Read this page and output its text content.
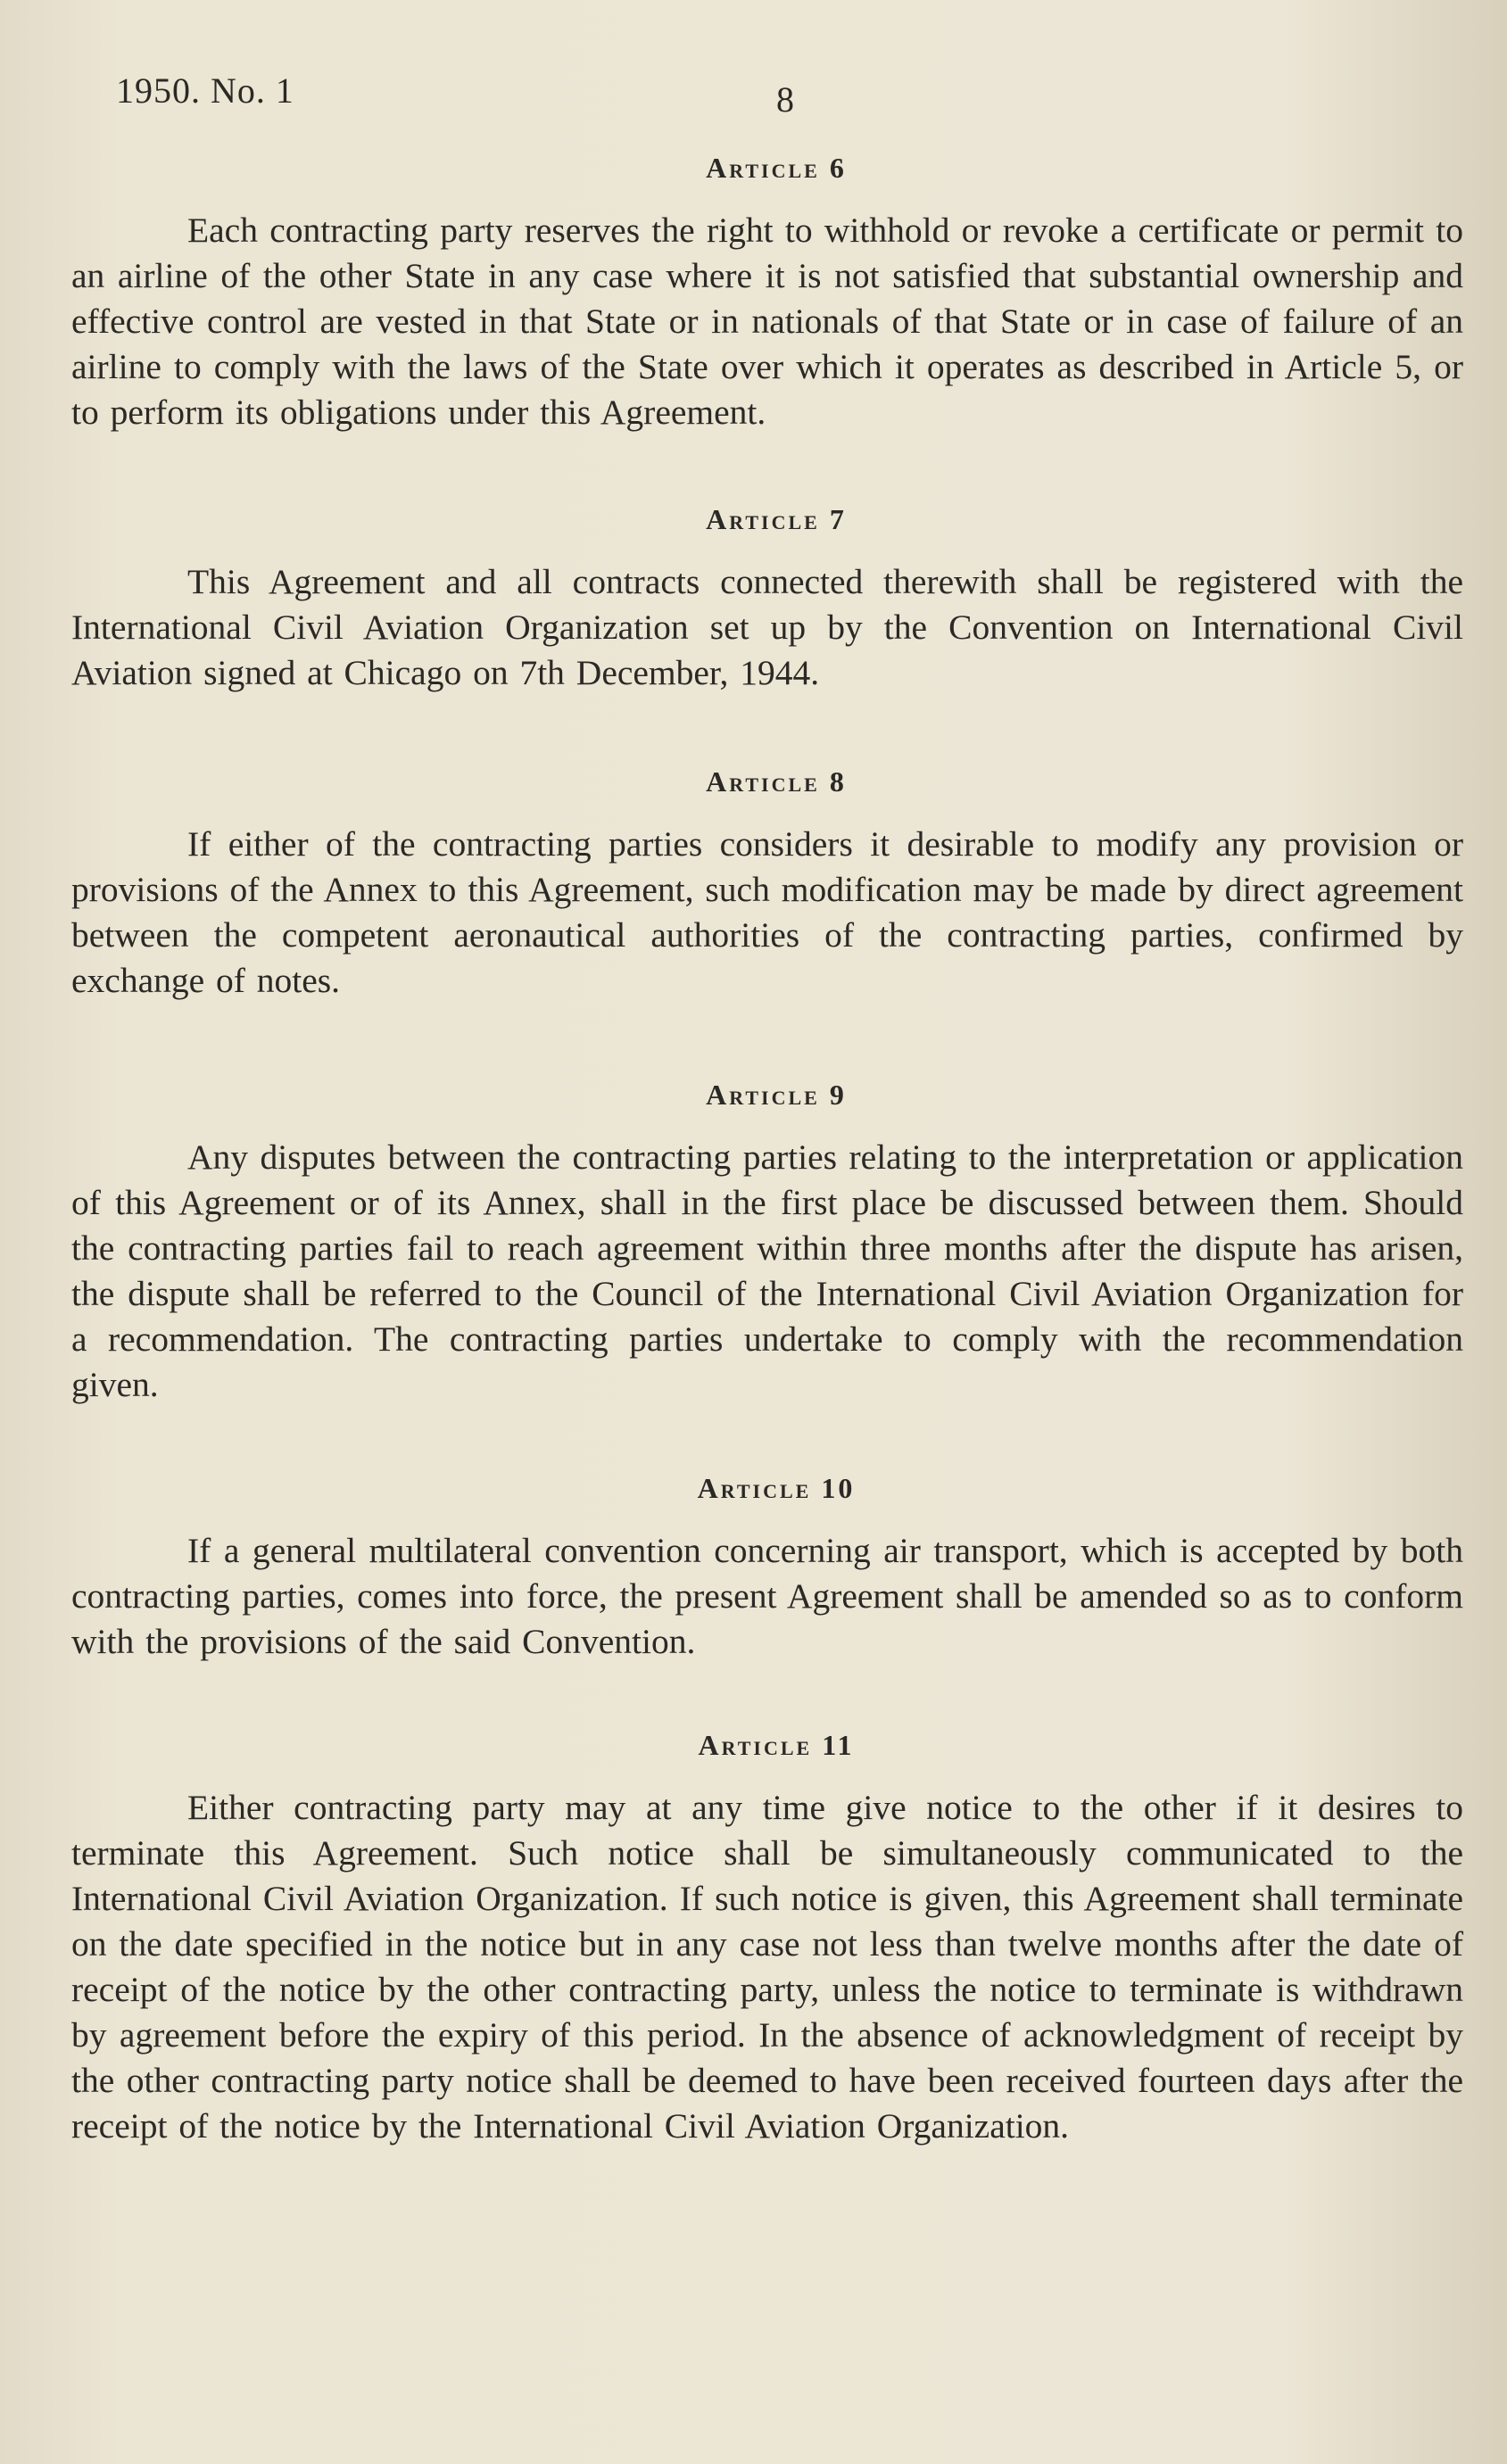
1950. No. 1	8
Article 6

Each contracting party reserves the right to withhold or revoke a certificate or permit to an airline of the other State in any case where it is not satisfied that substantial ownership and effective control are vested in that State or in nationals of that State or in case of failure of an airline to comply with the laws of the State over which it operates as described in Article 5, or to perform its obligations under this Agreement.

Article 7

This Agreement and all contracts connected therewith shall be registered with the International Civil Aviation Organization set up by the Convention on International Civil Aviation signed at Chicago on 7th December, 1944.

Article 8

If either of the contracting parties considers it desirable to modify any provision or provisions of the Annex to this Agreement, such modification may be made by direct agreement between the competent aeronautical authorities of the contracting parties, confirmed by exchange of notes.

Article 9

Any disputes between the contracting parties relating to the interpretation or application of this Agreement or of its Annex, shall in the first place be discussed between them. Should the contracting parties fail to reach agreement within three months after the dispute has arisen, the dispute shall be referred to the Council of the International Civil Aviation Organization for a recommendation. The contracting parties undertake to comply with the recommendation given.

Article 10

If a general multilateral convention concerning air transport, which is accepted by both contracting parties, comes into force, the present Agreement shall be amended so as to conform with the provisions of the said Convention.

Article 11

Either contracting party may at any time give notice to the other if it desires to terminate this Agreement. Such notice shall be simultaneously communicated to the International Civil Aviation Organization. If such notice is given, this Agreement shall terminate on the date specified in the notice but in any case not less than twelve months after the date of receipt of the notice by the other contracting party, unless the notice to terminate is withdrawn by agreement before the expiry of this period. In the absence of acknowledgment of receipt by the other contracting party notice shall be deemed to have been received fourteen days after the receipt of the notice by the International Civil Aviation Organization.
